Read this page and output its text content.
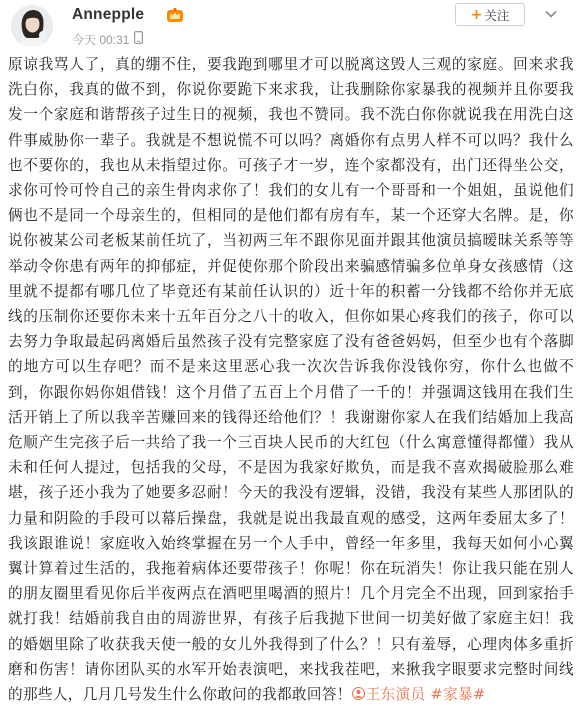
Annepple
今天 00:31
+ 关注
原谅我骂人了，真的绷不住，要我跑到哪里才可以脱离这毁人三观的家庭。回来求我洗白你，我真的做不到，你说你要跪下来求我，让我删除你家暴我的视频并且你要我发一个家庭和谐帮孩子过生日的视频，我也不赞同。我不洗白你你就说我在用洗白这件事威胁你一辈子。我就是不想说慌不可以吗？离婚你有点男人样不可以吗？我什么也不要你的，我也从未指望过你。可孩子才一岁，连个家都没有，出门还得坐公交，求你可怜可怜自己的亲生骨肉求你了！我们的女儿有一个哥哥和一个姐姐，虽说他们俩也不是同一个母亲生的，但相同的是他们都有房有车，某一个还穿大名牌。是，你说你被某公司老板某前任坑了，当初两三年不跟你见面并跟其他演员搞暧昧关系等等举动令你患有两年的抑郁症，并促使你那个阶段出来骗感情骗多位单身女孩感情（这里就不提都有哪几位了毕竟还有某前任认识的）近十年的积蓄一分钱都不给你并无底线的压制你还要你未来十五年百分之八十的收入，但你如果心疼我们的孩子，你可以去努力争取最起码离婚后虽然孩子没有完整家庭了没有爸爸妈妈，但至少也有个落脚的地方可以生存吧？而不是来这里恶心我一次次告诉我你没钱你穷，你什么也做不到，你跟你妈你姐借钱！这个月借了五百上个月借了一千的！并强调这钱用在我们生活开销上了所以我辛苦赚回来的钱得还给他们？！我谢谢你家人在我们结婚加上我高危顺产生完孩子后一共给了我一个三百块人民币的大红包（什么寓意懂得都懂）我从未和任何人提过，包括我的父母，不是因为我家好欺负，而是我不喜欢揭破脸那么难堪，孩子还小我为了她要多忍耐！今天的我没有逻辑，没错，我没有某些人那团队的力量和阴险的手段可以幕后操盘，我就是说出我最直观的感受，这两年委屈太多了！我该跟谁说！家庭收入始终掌握在另一个人手中，曾经一年多里，我每天如何小心翼翼计算着过生活的，我拖着病体还要带孩子！你呢！你在玩消失！你让我只能在别人的朋友圈里看见你后半夜两点在酒吧里喝酒的照片！几个月完全不出现，回到家抬手就打我！结婚前我自由的周游世界，有孩子后我抛下世间一切美好做了家庭主妇！我的婚姻里除了收获我天使一般的女儿外我得到了什么？！只有羞辱，心理肉体多重折磨和伤害！请你团队买的水军开始表演吧，来找我茬吧，来揪我字眼要求完整时间线的那些人，几月几号发生什么你敢问的我都敢回答！ 王东演员 #家暴#
